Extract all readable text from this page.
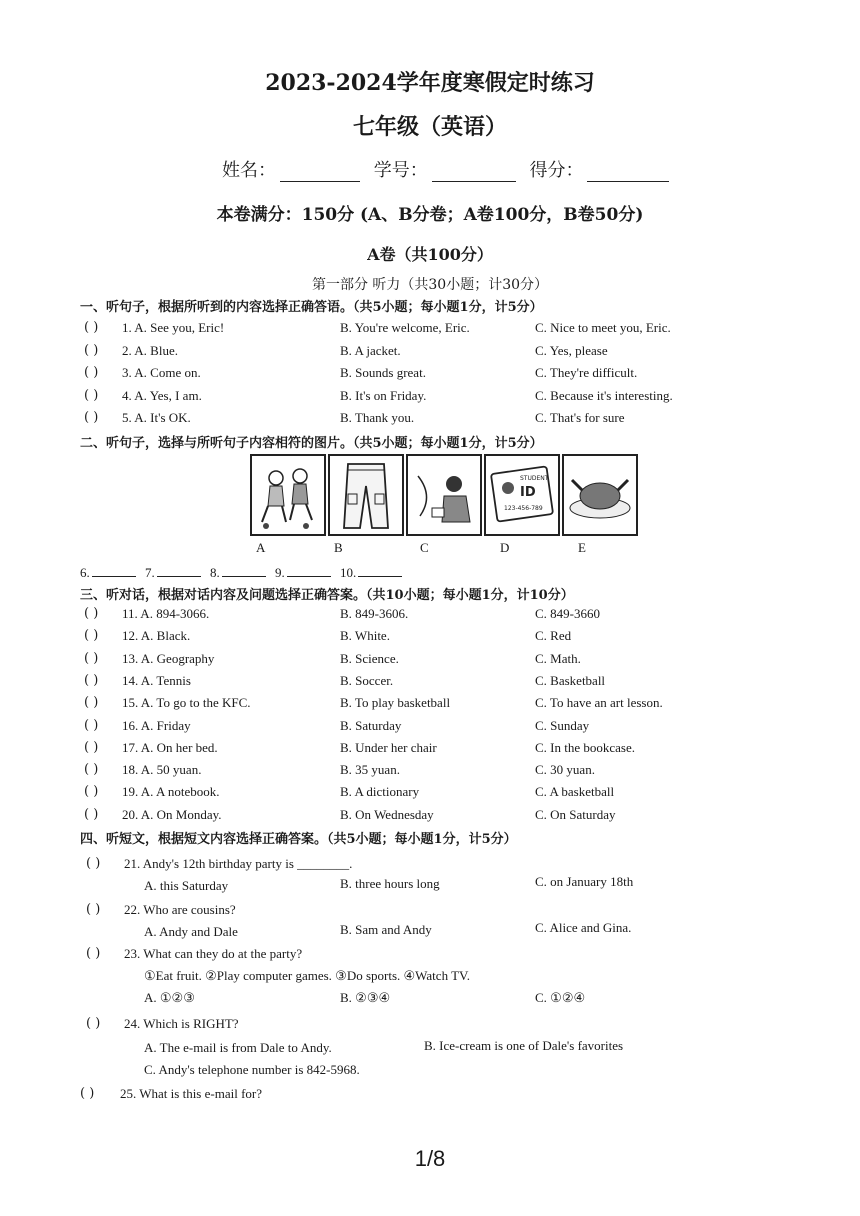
2023-2024学年度寒假定时练习
七年级（英语）
姓名：	学号：	得分：
本卷满分：150分 (A、B分卷；A卷100分，B卷50分)
A卷（共100分）
第一部分 听力（共30小题；计30分）
一、听句子，根据所听到的内容选择正确答语。（共5小题；每小题1分，计5分）
( ) 1. A. See you, Eric!	B. You're welcome, Eric.	C. Nice to meet you, Eric.
( ) 2. A. Blue.	B. A jacket.	C. Yes, please
( ) 3. A. Come on.	B. Sounds great.	C. They're difficult.
( ) 4. A. Yes, I am.	B. It's on Friday.	C. Because it's interesting.
( ) 5. A. It's OK.	B. Thank you.	C. That's for sure
二、听句子，选择与所听句子内容相符的图片。（共5小题；每小题1分，计5分）
STUDENT
ID
123-456-789
A	B	C	D	E
6.	7.	8.	9.	10.
三、听对话，根据对话内容及问题选择正确答案。（共10小题；每小题1分，计10分）
( ) 11. A. 894-3066.	B. 849-3606.	C. 849-3660
( ) 12. A. Black.	B. White.	C. Red
( ) 13. A. Geography	B. Science.	C. Math.
( ) 14. A. Tennis	B. Soccer.	C. Basketball
( ) 15. A. To go to the KFC.	B. To play basketball	C. To have an art lesson.
( ) 16. A. Friday	B. Saturday	C. Sunday
( ) 17. A. On her bed.	B. Under her chair	C. In the bookcase.
( ) 18. A. 50 yuan.	B. 35 yuan.	C. 30 yuan.
( ) 19. A. A notebook.	B. A dictionary	C. A basketball
( ) 20. A. On Monday.	B. On Wednesday	C. On Saturday
四、听短文，根据短文内容选择正确答案。（共5小题；每小题1分，计5分）
( ) 21. Andy's 12th birthday party is ________.
A. this Saturday	B. three hours long	C. on January 18th
( ) 22. Who are cousins?
A. Andy and Dale	B. Sam and Andy	C. Alice and Gina.
( ) 23. What can they do at the party?
①Eat fruit. ②Play computer games. ③Do sports. ④Watch TV.
A. ①②③	B. ②③④	C. ①②④
( ) 24. Which is RIGHT?
A. The e-mail is from Dale to Andy.	B. Ice-cream is one of Dale's favorites
C. Andy's telephone number is 842-5968.
( ) 25. What is this e-mail for?
1/8
